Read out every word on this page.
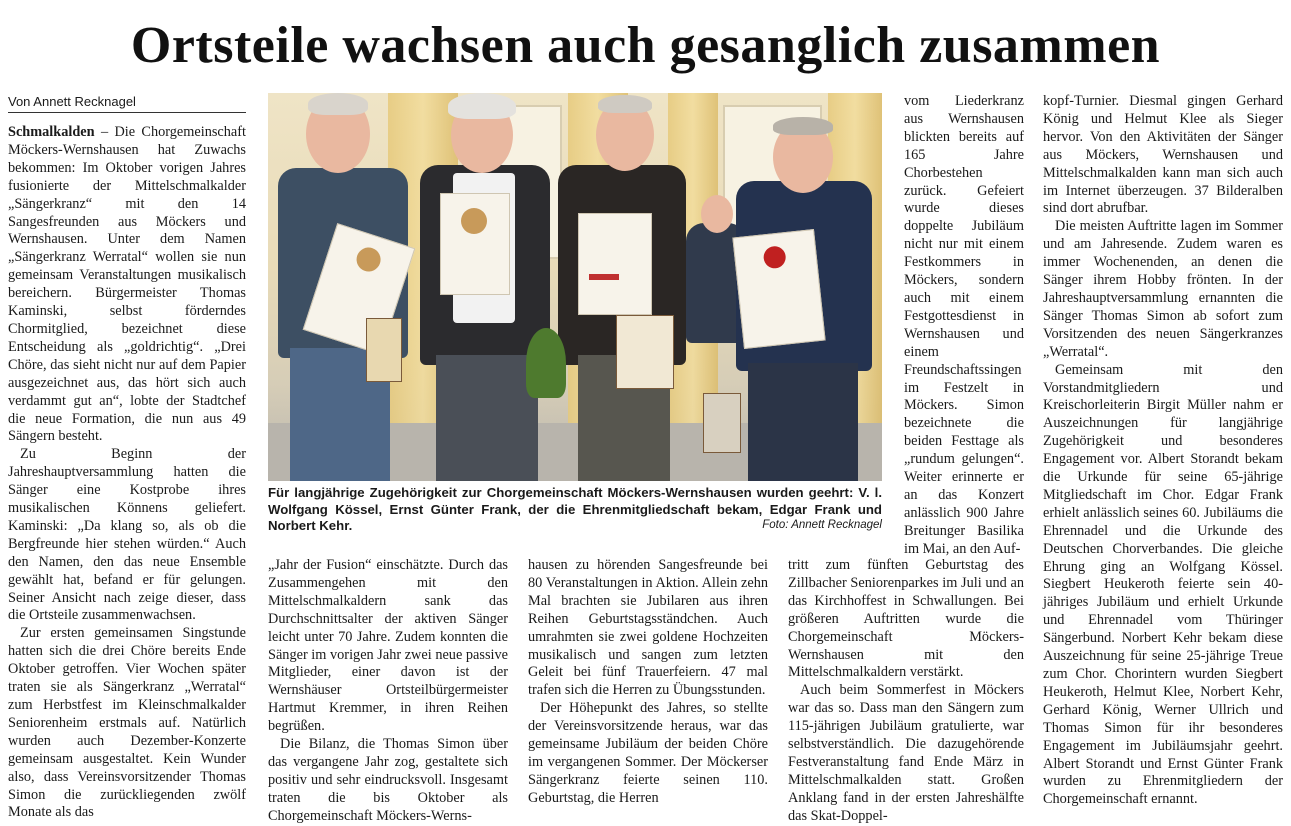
Ortsteile wachsen auch gesanglich zusammen
Von Annett Recknagel

Schmalkalden – Die Chorgemeinschaft Möckers-Wernshausen hat Zuwachs bekommen: Im Oktober vorigen Jahres fusionierte der Mittelschmalkalder „Sängerkranz“ mit den 14 Sangesfreunden aus Möckers und Wernshausen. Unter dem Namen „Sängerkranz Werratal“ wollen sie nun gemeinsam Veranstaltungen musikalisch bereichern. Bürgermeister Thomas Kaminski, selbst förderndes Chormitglied, bezeichnet diese Entscheidung als „goldrichtig“. „Drei Chöre, das sieht nicht nur auf dem Papier ausgezeichnet aus, das hört sich auch verdammt gut an“, lobte der Stadtchef die neue Formation, die nun aus 49 Sängern besteht.

Zu Beginn der Jahreshauptversammlung hatten die Sänger eine Kostprobe ihres musikalischen Könnens geliefert. Kaminski: „Da klang so, als ob die Bergfreunde hier stehen würden.“ Auch den Namen, den das neue Ensemble gewählt hat, befand er für gelungen. Seiner Ansicht nach zeige dieser, dass die Ortsteile zusammenwachsen.

Zur ersten gemeinsamen Singstunde hatten sich die drei Chöre bereits Ende Oktober getroffen. Vier Wochen später traten sie als Sängerkranz „Werratal“ zum Herbstfest im Kleinschmalkalder Seniorenheim erstmals auf. Natürlich wurden auch Dezember-Konzerte gemeinsam ausgestaltet. Kein Wunder also, dass Vereinsvorsitzender Thomas Simon die zurückliegenden zwölf Monate als das

Für langjährige Zugehörigkeit zur Chorgemeinschaft Möckers-Wernshausen wurden geehrt: V. l. Wolfgang Kössel, Ernst Günter Frank, der die Ehrenmitgliedschaft bekam, Edgar Frank und Norbert Kehr.	Foto: Annett Recknagel

„Jahr der Fusion“ einschätzte. Durch das Zusammengehen mit den Mittelschmalkaldern sank das Durchschnittsalter der aktiven Sänger leicht unter 70 Jahre. Zudem konnten die Sänger im vorigen Jahr zwei neue passive Mitglieder, einer davon ist der Wernshäuser Ortsteilbürgermeister Hartmut Kremmer, in ihren Reihen begrüßen.

Die Bilanz, die Thomas Simon über das vergangene Jahr zog, gestaltete sich positiv und sehr eindrucksvoll. Insgesamt traten die bis Oktober als Chorgemeinschaft Möckers-Werns-

hausen zu hörenden Sangesfreunde bei 80 Veranstaltungen in Aktion. Allein zehn Mal brachten sie Jubilaren aus ihren Reihen Geburtstagsständchen. Auch umrahmten sie zwei goldene Hochzeiten musikalisch und sangen zum letzten Geleit bei fünf Trauerfeiern. 47 mal trafen sich die Herren zu Übungsstunden.

Der Höhepunkt des Jahres, so stellte der Vereinsvorsitzende heraus, war das gemeinsame Jubiläum der beiden Chöre im vergangenen Sommer. Der Möckerser Sängerkranz feierte seinen 110. Geburtstag, die Herren

vom Liederkranz aus Wernshausen blickten bereits auf 165 Jahre Chorbestehen zurück. Gefeiert wurde dieses doppelte Jubiläum nicht nur mit einem Festkommers in Möckers, sondern auch mit einem Festgottesdienst in Wernshausen und einem Freundschaftssingen im Festzelt in Möckers. Simon bezeichnete die beiden Festtage als „rundum gelungen“. Weiter erinnerte er an das Konzert anlässlich 900 Jahre Breitunger Basilika im Mai, an den Auf-

tritt zum fünften Geburtstag des Zillbacher Seniorenparkes im Juli und an das Kirchhoffest in Schwallungen. Bei größeren Auftritten wurde die Chorgemeinschaft Möckers-Wernshausen mit den Mittelschmalkaldern verstärkt.

Auch beim Sommerfest in Möckers war das so. Dass man den Sängern zum 115-jährigen Jubiläum gratulierte, war selbstverständlich. Die dazugehörende Festveranstaltung fand Ende März in Mittelschmalkalden statt. Großen Anklang fand in der ersten Jahreshälfte das Skat-Doppel-

kopf-Turnier. Diesmal gingen Gerhard König und Helmut Klee als Sieger hervor. Von den Aktivitäten der Sänger aus Möckers, Wernshausen und Mittelschmalkalden kann man sich auch im Internet überzeugen. 37 Bilderalben sind dort abrufbar.

Die meisten Auftritte lagen im Sommer und am Jahresende. Zudem waren es immer Wochenenden, an denen die Sänger ihrem Hobby frönten. In der Jahreshauptversammlung ernannten die Sänger Thomas Simon ab sofort zum Vorsitzenden des neuen Sängerkranzes „Werratal“.

Gemeinsam mit den Vorstandmitgliedern und Kreischorleiterin Birgit Müller nahm er Auszeichnungen für langjährige Zugehörigkeit und besonderes Engagement vor. Albert Storandt bekam die Urkunde für seine 65-jährige Mitgliedschaft im Chor. Edgar Frank erhielt anlässlich seines 60. Jubiläums die Ehrennadel und die Urkunde des Deutschen Chorverbandes. Die gleiche Ehrung ging an Wolfgang Kössel. Siegbert Heukeroth feierte sein 40-jähriges Jubiläum und erhielt Urkunde und Ehrennadel vom Thüringer Sängerbund. Norbert Kehr bekam diese Auszeichnung für seine 25-jährige Treue zum Chor. Chorintern wurden Siegbert Heukeroth, Helmut Klee, Norbert Kehr, Gerhard König, Werner Ullrich und Thomas Simon für ihr besonderes Engagement im Jubiläumsjahr geehrt. Albert Storandt und Ernst Günter Frank wurden zu Ehrenmitgliedern der Chorgemeinschaft ernannt.
